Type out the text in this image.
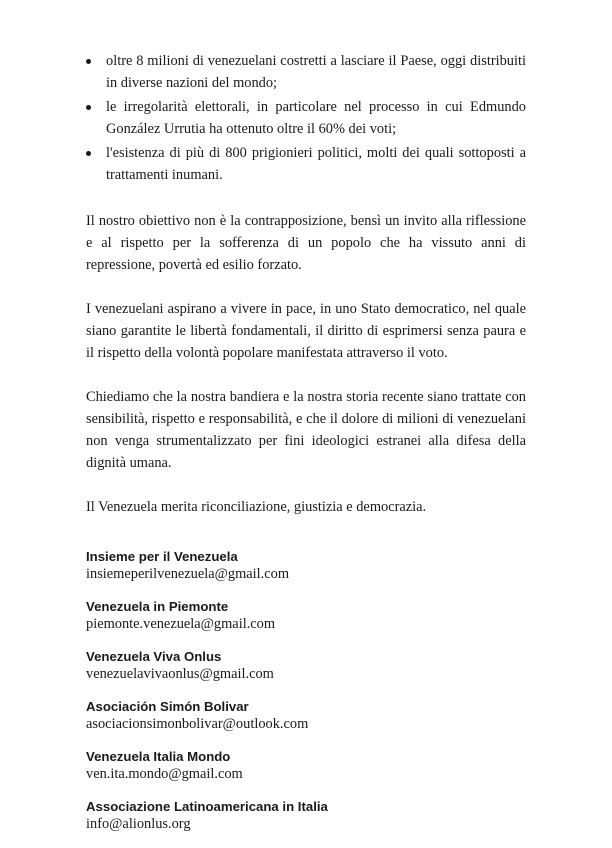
oltre 8 milioni di venezuelani costretti a lasciare il Paese, oggi distribuiti in diverse nazioni del mondo;
le irregolarità elettorali, in particolare nel processo in cui Edmundo González Urrutia ha ottenuto oltre il 60% dei voti;
l'esistenza di più di 800 prigionieri politici, molti dei quali sottoposti a trattamenti inumani.

Il nostro obiettivo non è la contrapposizione, bensì un invito alla riflessione e al rispetto per la sofferenza di un popolo che ha vissuto anni di repressione, povertà ed esilio forzato.

I venezuelani aspirano a vivere in pace, in uno Stato democratico, nel quale siano garantite le libertà fondamentali, il diritto di esprimersi senza paura e il rispetto della volontà popolare manifestata attraverso il voto.

Chiediamo che la nostra bandiera e la nostra storia recente siano trattate con sensibilità, rispetto e responsabilità, e che il dolore di milioni di venezuelani non venga strumentalizzato per fini ideologici estranei alla difesa della dignità umana.

Il Venezuela merita riconciliazione, giustizia e democrazia.

Insieme per il Venezuela
insiemeperilvenezuela@gmail.com
Venezuela in Piemonte
piemonte.venezuela@gmail.com
Venezuela Viva Onlus
venezuelavivaonlus@gmail.com
Asociación Simón Bolivar
asociacionsimonbolivar@outlook.com
Venezuela Italia Mondo
ven.ita.mondo@gmail.com
Associazione Latinoamericana in Italia
info@alionlus.org
